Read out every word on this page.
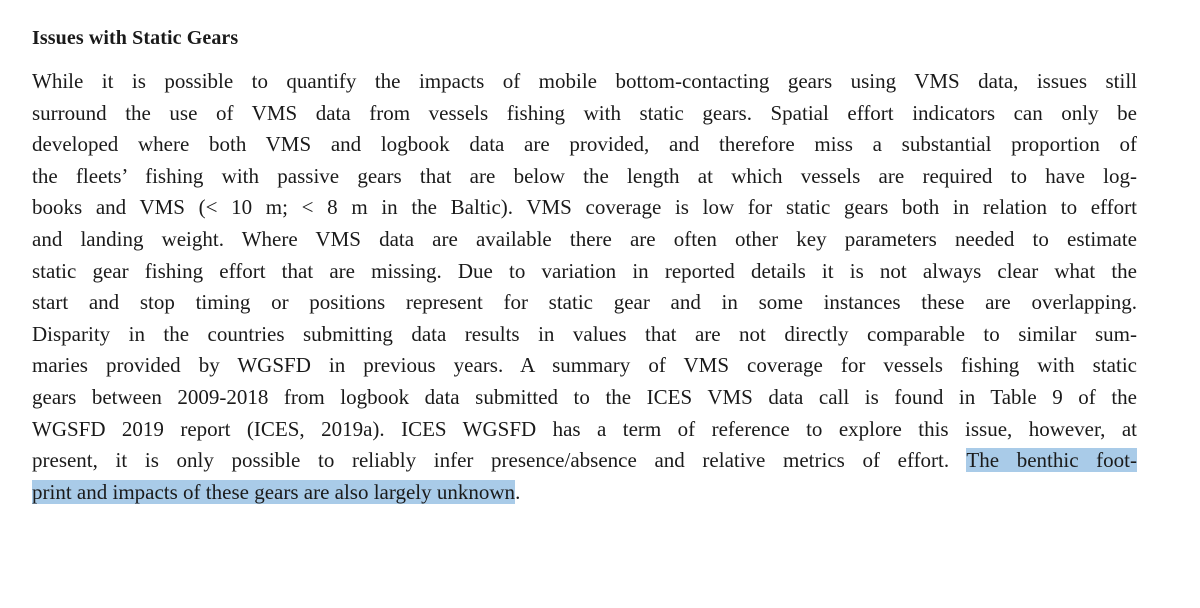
Issues with Static Gears
While it is possible to quantify the impacts of mobile bottom-contacting gears using VMS data, issues still
surround the use of VMS data from vessels fishing with static gears. Spatial effort indicators can only be
developed where both VMS and logbook data are provided, and therefore miss a substantial proportion of
the fleets’ fishing with passive gears that are below the length at which vessels are required to have log-
books and VMS (< 10 m; < 8 m in the Baltic). VMS coverage is low for static gears both in relation to effort
and landing weight. Where VMS data are available there are often other key parameters needed to estimate
static gear fishing effort that are missing. Due to variation in reported details it is not always clear what the
start and stop timing or positions represent for static gear and in some instances these are overlapping.
Disparity in the countries submitting data results in values that are not directly comparable to similar sum-
maries provided by WGSFD in previous years. A summary of VMS coverage for vessels fishing with static
gears between 2009-2018 from logbook data submitted to the ICES VMS data call is found in Table 9 of the
WGSFD 2019 report (ICES, 2019a). ICES WGSFD has a term of reference to explore this issue, however, at
present, it is only possible to reliably infer presence/absence and relative metrics of effort. The benthic foot-
print and impacts of these gears are also largely unknown.
